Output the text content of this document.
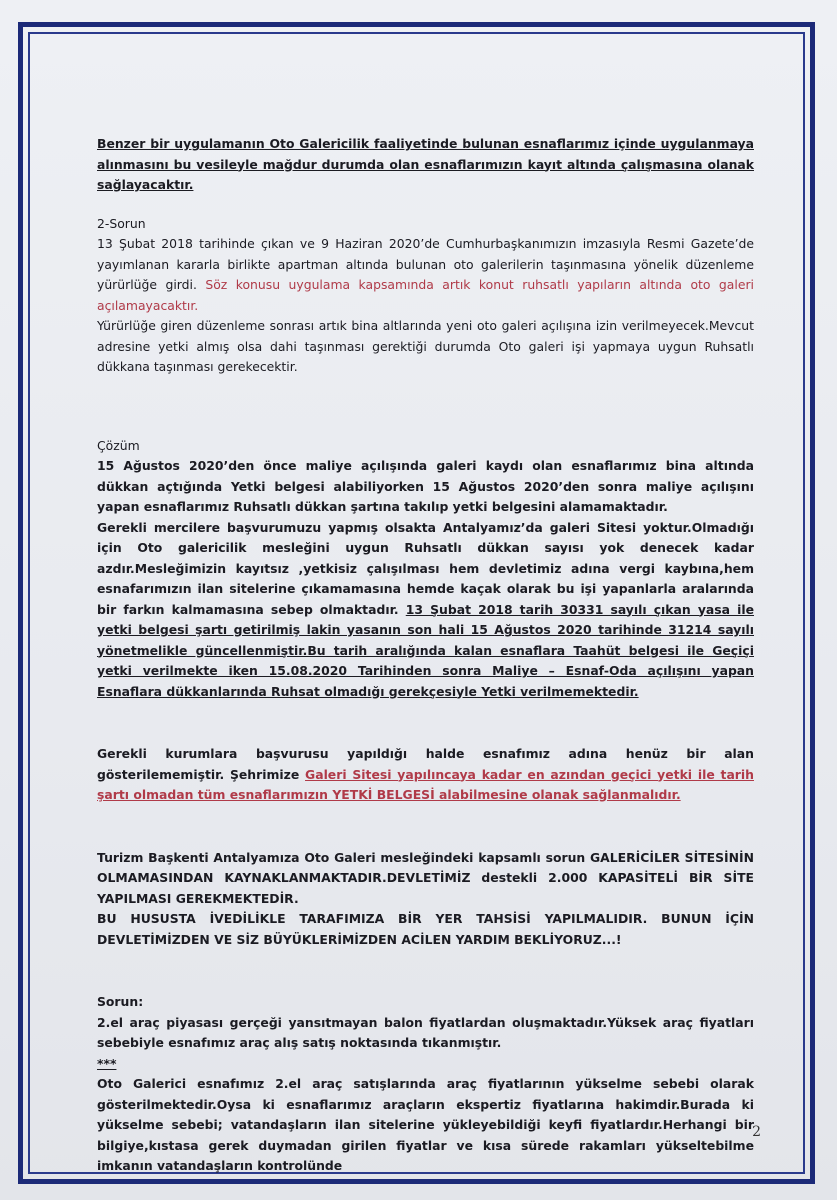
Benzer bir uygulamanın Oto Galericilik faaliyetinde bulunan esnaflarımız içinde uygulanmaya alınmasını bu vesileyle mağdur durumda olan esnaflarımızın kayıt altında çalışmasına olanak sağlayacaktır.

2-Sorun

13 Şubat 2018 tarihinde çıkan ve 9 Haziran 2020’de Cumhurbaşkanımızın imzasıyla Resmi Gazete’de yayımlanan kararla birlikte apartman altında bulunan oto galerilerin taşınmasına yönelik düzenleme yürürlüğe girdi. Söz konusu uygulama kapsamında artık konut ruhsatlı yapıların altında oto galeri açılamayacaktır.

Yürürlüğe giren düzenleme sonrası artık bina altlarında yeni oto galeri açılışına izin verilmeyecek.Mevcut adresine yetki almış olsa dahi taşınması gerektiği durumda Oto galeri işi yapmaya uygun Ruhsatlı dükkana taşınması gerekecektir.

Çözüm

15 Ağustos 2020’den önce maliye açılışında galeri kaydı olan esnaflarımız bina altında dükkan açtığında Yetki belgesi alabiliyorken 15 Ağustos 2020’den sonra maliye açılışını yapan esnaflarımız Ruhsatlı dükkan şartına takılıp yetki belgesini alamamaktadır.

Gerekli mercilere başvurumuzu yapmış olsakta Antalyamız’da galeri Sitesi yoktur.Olmadığı için Oto galericilik mesleğini uygun Ruhsatlı dükkan sayısı yok denecek kadar azdır.Mesleğimizin kayıtsız ,yetkisiz çalışılması hem devletimiz adına vergi kaybına,hem esnafarımızın ilan sitelerine çıkamamasına hemde kaçak olarak bu işi yapanlarla aralarında bir farkın kalmamasına sebep olmaktadır. 13 Şubat 2018 tarih 30331 sayılı çıkan yasa ile yetki belgesi şartı getirilmiş lakin yasanın son hali 15 Ağustos 2020 tarihinde 31214 sayılı yönetmelikle güncellenmiştir.Bu tarih aralığında kalan esnaflara Taahüt belgesi ile Geçiçi yetki verilmekte iken 15.08.2020 Tarihinden sonra Maliye – Esnaf-Oda açılışını yapan Esnaflara dükkanlarında Ruhsat olmadığı gerekçesiyle Yetki verilmemektedir.

Gerekli kurumlara başvurusu yapıldığı halde esnafımız adına henüz bir alan gösterilememiştir. Şehrimize Galeri Sitesi yapılıncaya kadar en azından geçici yetki ile tarih şartı olmadan tüm esnaflarımızın YETKİ BELGESİ alabilmesine olanak sağlanmalıdır.

Turizm Başkenti Antalyamıza Oto Galeri mesleğindeki kapsamlı sorun GALERİCİLER SİTESİNİN OLMAMASINDAN KAYNAKLANMAKTADIR.DEVLETİMİZ destekli 2.000 KAPASİTELİ BİR SİTE YAPILMASI GEREKMEKTEDİR.

BU HUSUSTA İVEDİLİKLE TARAFIMIZA BİR YER TAHSİSİ YAPILMALIDIR. BUNUN İÇİN DEVLETİMİZDEN VE SİZ BÜYÜKLERİMİZDEN ACİLEN YARDIM BEKLİYORUZ...!

Sorun:

2.el araç piyasası gerçeği yansıtmayan balon fiyatlardan oluşmaktadır.Yüksek araç fiyatları sebebiyle esnafımız araç alış satış noktasında tıkanmıştır.

***

Oto Galerici esnafımız 2.el araç satışlarında araç fiyatlarının yükselme sebebi olarak gösterilmektedir.Oysa ki esnaflarımız araçların ekspertiz fiyatlarına hakimdir.Burada ki yükselme sebebi; vatandaşların ilan sitelerine yükleyebildiği keyfi fiyatlardır.Herhangi bir bilgiye,kıstasa gerek duymadan girilen fiyatlar ve kısa sürede rakamları yükseltebilme imkanın vatandaşların kontrolünde

2
